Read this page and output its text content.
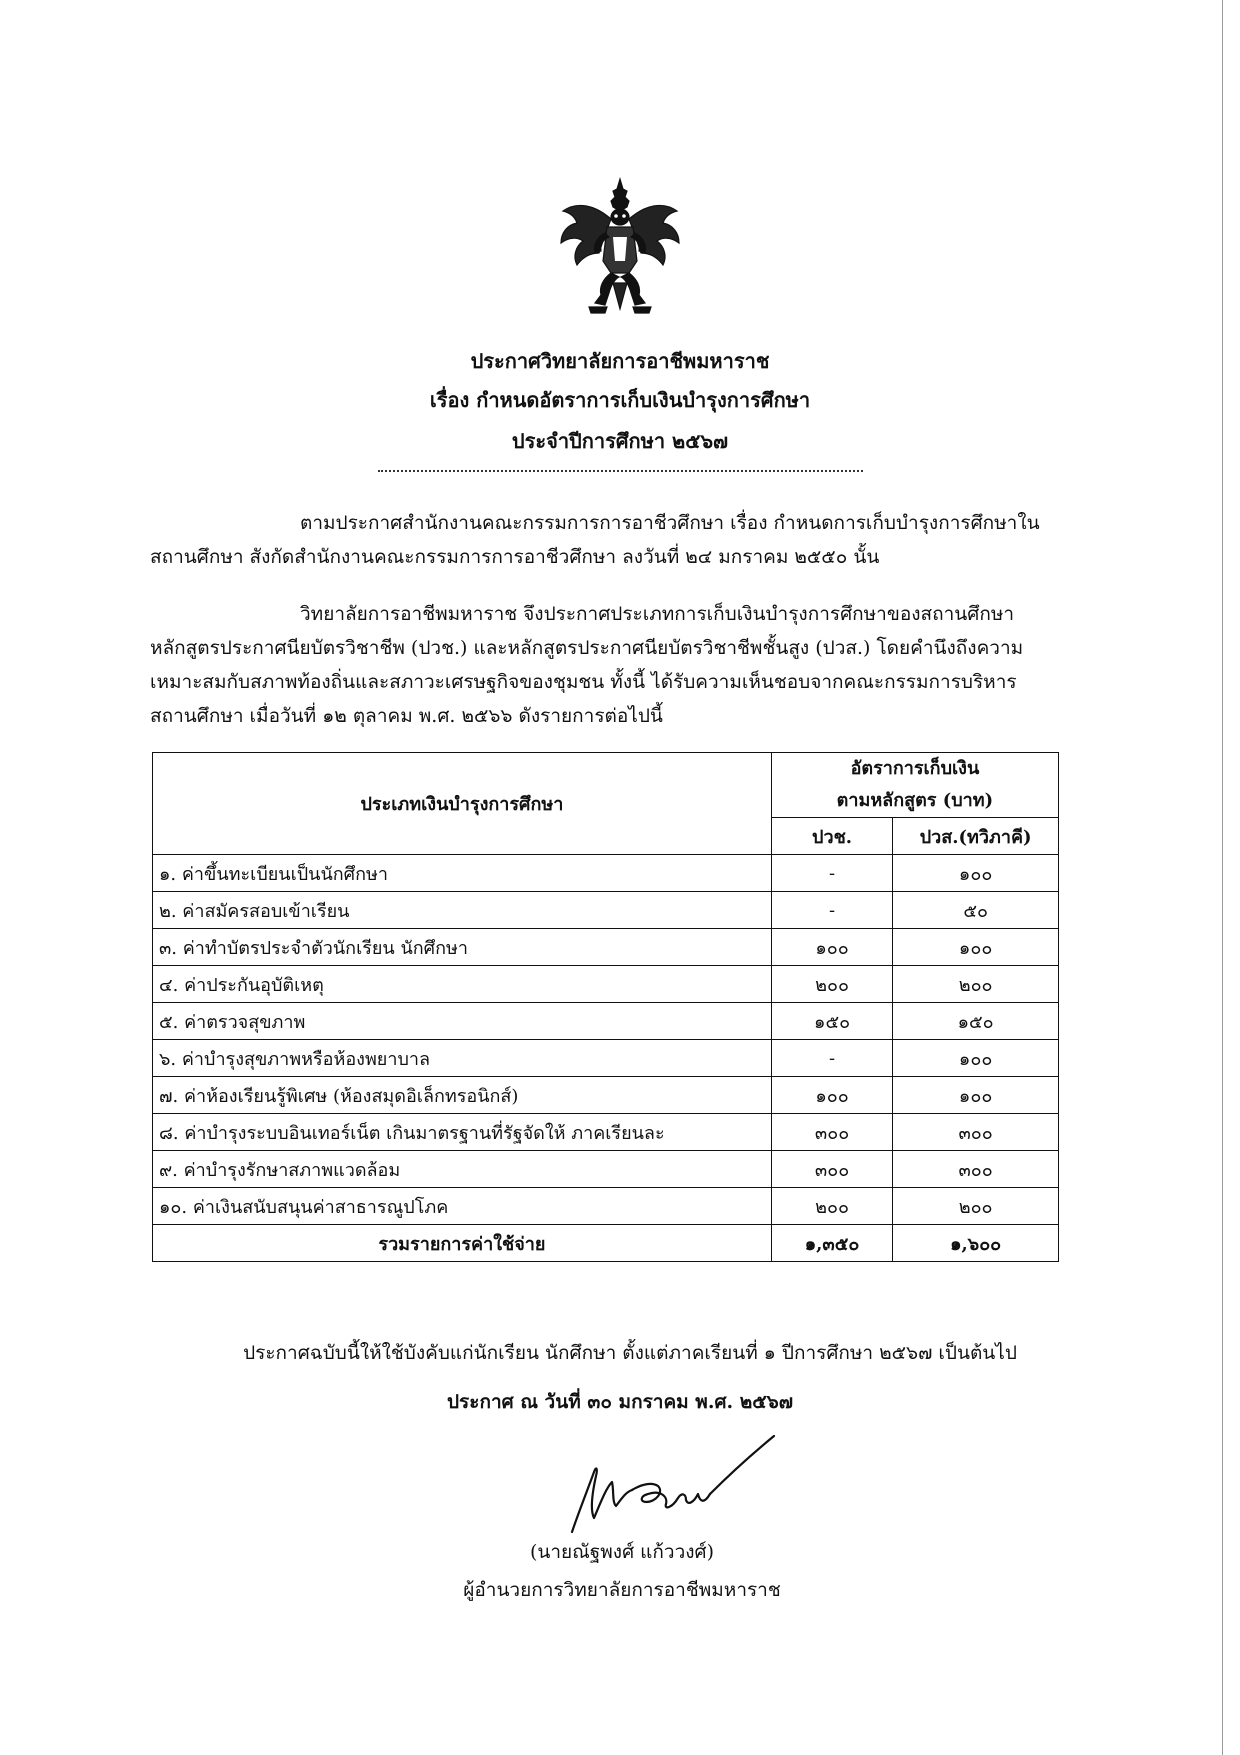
ประกาศวิทยาลัยการอาชีพมหาราช
เรื่อง กำหนดอัตราการเก็บเงินบำรุงการศึกษา
ประจำปีการศึกษา ๒๕๖๗
ตามประกาศสำนักงานคณะกรรมการการอาชีวศึกษา เรื่อง กำหนดการเก็บบำรุงการศึกษาใน
สถานศึกษา สังกัดสำนักงานคณะกรรมการการอาชีวศึกษา ลงวันที่ ๒๔ มกราคม ๒๕๕๐ นั้น
วิทยาลัยการอาชีพมหาราช จึงประกาศประเภทการเก็บเงินบำรุงการศึกษาของสถานศึกษา
หลักสูตรประกาศนียบัตรวิชาชีพ (ปวช.) และหลักสูตรประกาศนียบัตรวิชาชีพชั้นสูง (ปวส.) โดยคำนึงถึงความ
เหมาะสมกับสภาพท้องถิ่นและสภาวะเศรษฐกิจของชุมชน ทั้งนี้ ได้รับความเห็นชอบจากคณะกรรมการบริหาร
สถานศึกษา เมื่อวันที่ ๑๒ ตุลาคม พ.ศ. ๒๕๖๖ ดังรายการต่อไปนี้
ประเภทเงินบำรุงการศึกษา	อัตราการเก็บเงิน
ตามหลักสูตร (บาท)	

	ปวช.	ปวส.(ทวิภาคี)
๑. ค่าขึ้นทะเบียนเป็นนักศึกษา	-	๑๐๐
๒. ค่าสมัครสอบเข้าเรียน	-	๕๐
๓. ค่าทำบัตรประจำตัวนักเรียน นักศึกษา	๑๐๐	๑๐๐
๔. ค่าประกันอุบัติเหตุ	๒๐๐	๒๐๐
๕. ค่าตรวจสุขภาพ	๑๕๐	๑๕๐
๖. ค่าบำรุงสุขภาพหรือห้องพยาบาล	-	๑๐๐
๗. ค่าห้องเรียนรู้พิเศษ (ห้องสมุดอิเล็กทรอนิกส์)	๑๐๐	๑๐๐
๘. ค่าบำรุงระบบอินเทอร์เน็ต เกินมาตรฐานที่รัฐจัดให้ ภาคเรียนละ	๓๐๐	๓๐๐
๙. ค่าบำรุงรักษาสภาพแวดล้อม	๓๐๐	๓๐๐
๑๐. ค่าเงินสนับสนุนค่าสาธารณูปโภค	๒๐๐	๒๐๐
รวมรายการค่าใช้จ่าย	๑,๓๕๐	๑,๖๐๐
ประกาศฉบับนี้ให้ใช้บังคับแก่นักเรียน นักศึกษา ตั้งแต่ภาคเรียนที่ ๑ ปีการศึกษา ๒๕๖๗ เป็นต้นไป
ประกาศ ณ วันที่ ๓๐ มกราคม พ.ศ. ๒๕๖๗
(นายณัฐพงศ์ แก้ววงศ์)
ผู้อำนวยการวิทยาลัยการอาชีพมหาราช
